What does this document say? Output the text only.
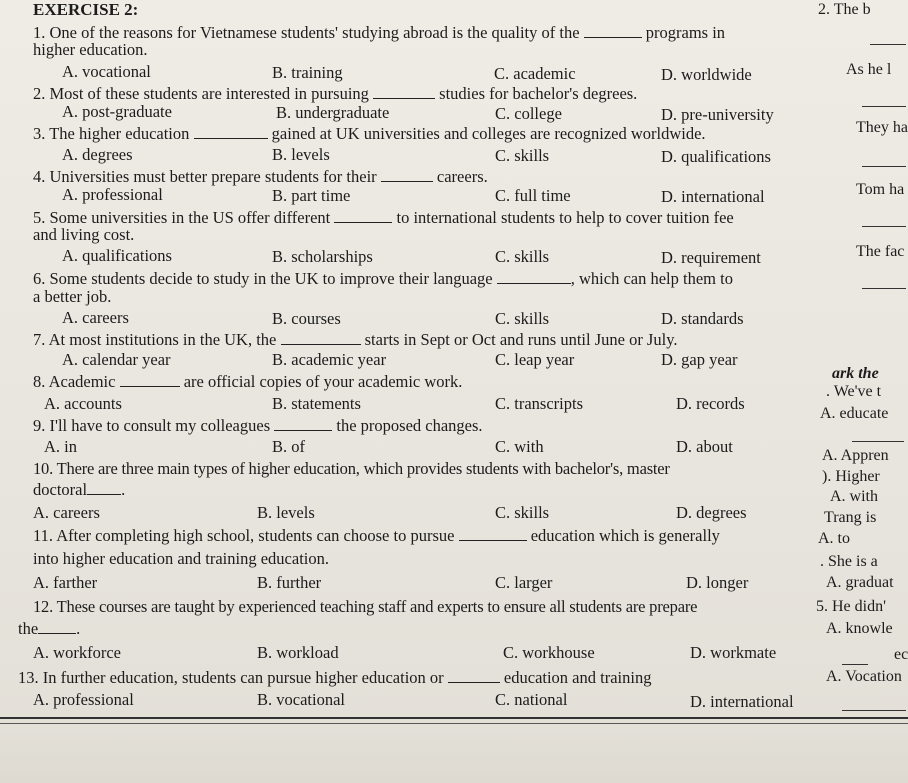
EXERCISE 2:
1. One of the reasons for Vietnamese students' studying abroad is the quality of the	programs in
higher education.
A. vocational	B. training	C. academic	D. worldwide
2. Most of these students are interested in pursuing	studies for bachelor's degrees.
A. post-graduate	B. undergraduate	C. college	D. pre-university
3. The higher education	gained at UK universities and colleges are recognized worldwide.
A. degrees	B. levels	C. skills	D. qualifications
4. Universities must better prepare students for their	careers.
A. professional	B. part time	C. full time	D. international
5. Some universities in the US offer different	to international students to help to cover tuition fee
and living cost.
A. qualifications	B. scholarships	C. skills	D. requirement
6. Some students decide to study in the UK to improve their language	, which can help them to
a better job.
A. careers	B. courses	C. skills	D. standards
7. At most institutions in the UK, the	starts in Sept or Oct and runs until June or July.
A. calendar year	B. academic year	C. leap year	D. gap year
8. Academic	are official copies of your academic work.
A. accounts	B. statements	C. transcripts	D. records
9. I'll have to consult my colleagues	the proposed changes.
A. in	B. of	C. with	D. about
10. There are three main types of higher education, which provides students with bachelor's, master
doctoral .
A. careers	B. levels	C. skills	D. degrees
11. After completing high school, students can choose to pursue	education which is generally
into higher education and training education.
A. farther	B. further	C. larger	D. longer
12. These courses are taught by experienced teaching staff and experts to ensure all students are prepare
the .
A. workforce	B. workload	C. workhouse	D. workmate
13. In further education, students can pursue higher education or	education and training
A. professional	B. vocational	C. national	D. international
2. The b
As he l
They ha
Tom ha
The fac
ark the
. We've t
A. educate
A. Appren
). Higher
A. with
Trang is
A. to
. She is a
A. graduat
5. He didn'
A. knowle
ec
A. Vocation
